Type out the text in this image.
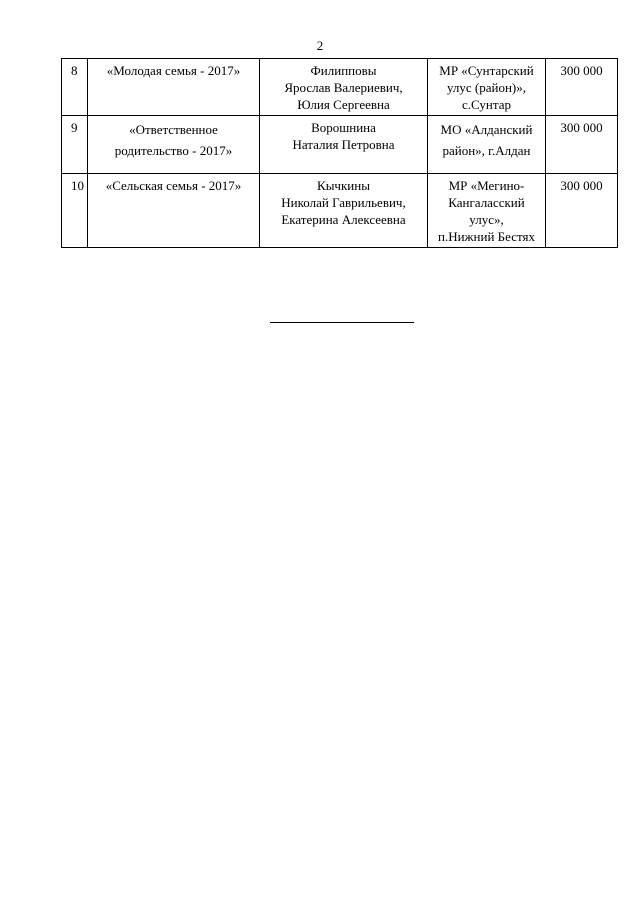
2
8	«Молодая семья - 2017»	Филипповы
Ярослав Валериевич,
Юлия Сергеевна	МР «Сунтарский
улус (район)»,
с.Сунтар	300 000
9	«Ответственное
родительство - 2017»	Ворошнина
Наталия Петровна	МО «Алданский
район», г.Алдан	300 000
10	«Сельская семья - 2017»	Кычкины
Николай Гаврильевич,
Екатерина Алексеевна	МР «Мегино-
Кангаласский
улус»,
п.Нижний Бестях	300 000
